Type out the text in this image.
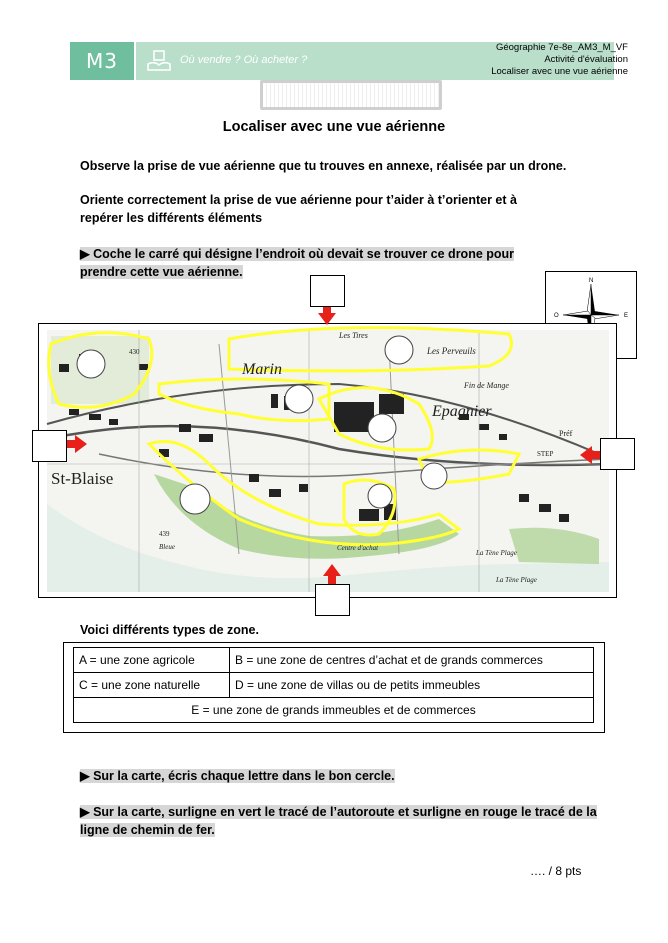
M3	Où vendre ? Où acheter ?
Géographie 7e-8e_AM3_M_VF
Activité d'évaluation
Localiser avec une vue aérienne
Localiser avec une vue aérienne
Observe la prise de vue aérienne que tu trouves en annexe, réalisée par un drone.
Oriente correctement la prise de vue aérienne pour t’aider à t’orienter et à repérer les différents éléments
▶ Coche le carré qui désigne l’endroit où devait se trouver ce drone pour prendre cette vue aérienne.
N
O	E
Marin
Epagnier
St-Blaise
Les Perveuils
Les Tires
Fin de Mange
Préf
STEP
Centre d'achat
La Tène Plage
La Tène Plage
Bleue
439
430
Voici différents types de zone.
A = une zone agricole	B = une zone de centres d’achat et de grands commerces
C = une zone naturelle	D = une zone de villas ou de petits immeubles
E = une zone de grands immeubles et de commerces	
▶ Sur la carte, écris chaque lettre dans le bon cercle.
▶ Sur la carte, surligne en vert le tracé de l’autoroute et surligne en rouge le tracé de la ligne de chemin de fer.
…. / 8 pts
